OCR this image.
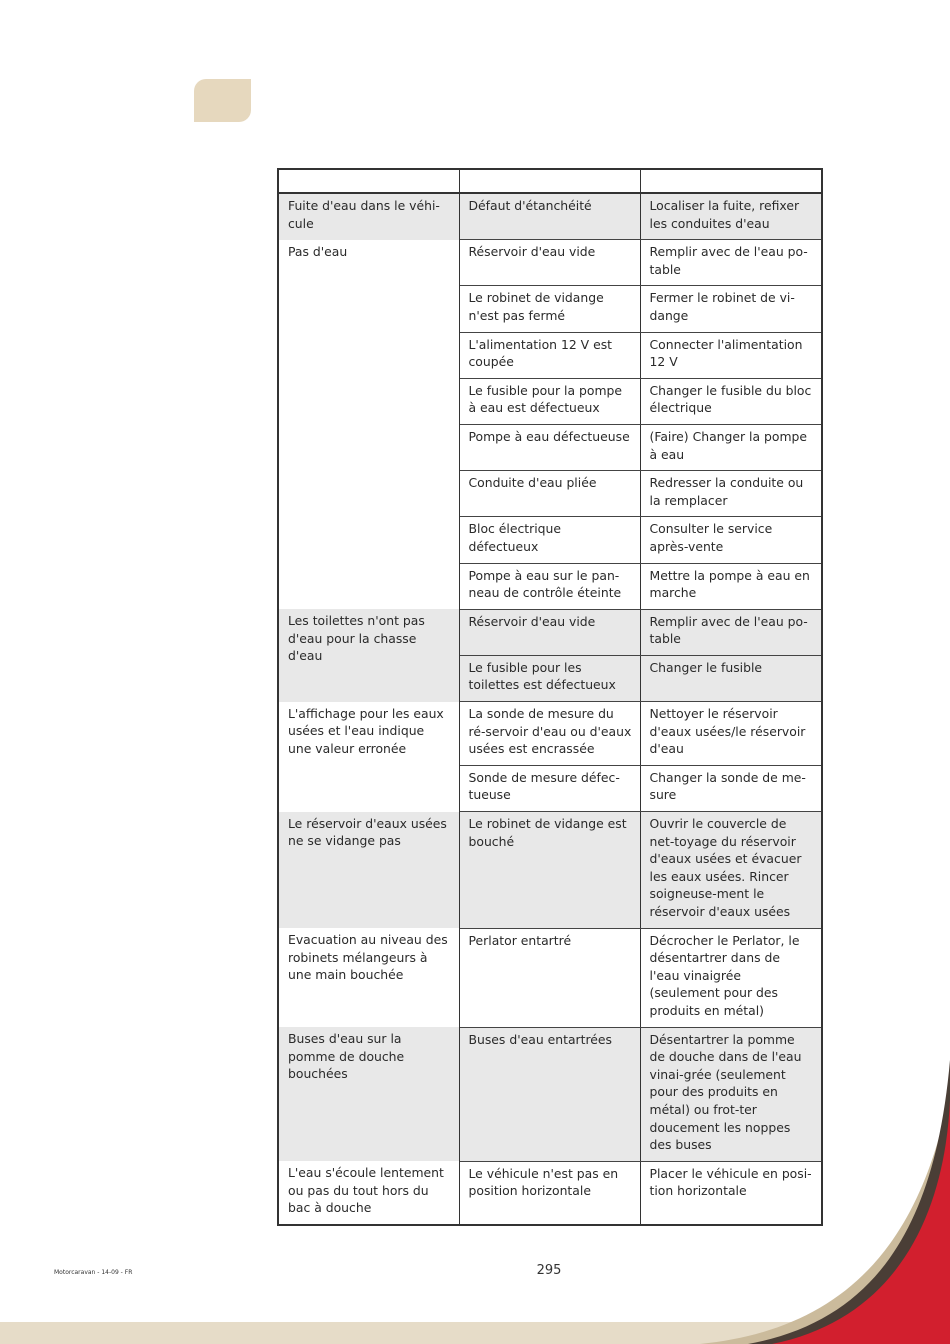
Fuite d'eau dans le véhi-cule	Défaut d'étanchéité	Localiser la fuite, refixer les conduites d'eau
Pas d'eau	Réservoir d'eau vide	Remplir avec de l'eau po-table
	Le robinet de vidange n'est pas fermé	Fermer le robinet de vi-dange
	L'alimentation 12 V est coupée	Connecter l'alimentation 12 V
	Le fusible pour la pompe à eau est défectueux	Changer le fusible du bloc électrique
	Pompe à eau défectueuse	(Faire) Changer la pompe à eau
	Conduite d'eau pliée	Redresser la conduite ou la remplacer
	Bloc électrique défectueux	Consulter le service après-vente
	Pompe à eau sur le pan-neau de contrôle éteinte	Mettre la pompe à eau en marche
Les toilettes n'ont pas d'eau pour la chasse d'eau	Réservoir d'eau vide	Remplir avec de l'eau po-table
	Le fusible pour les toilettes est défectueux	Changer le fusible
L'affichage pour les eaux usées et l'eau indique une valeur erronée	La sonde de mesure du ré-servoir d'eau ou d'eaux usées est encrassée	Nettoyer le réservoir d'eaux usées/le réservoir d'eau
	Sonde de mesure défec-tueuse	Changer la sonde de me-sure
Le réservoir d'eaux usées ne se vidange pas	Le robinet de vidange est bouché	Ouvrir le couvercle de net-toyage du réservoir d'eaux usées et évacuer les eaux usées. Rincer soigneuse-ment le réservoir d'eaux usées
Evacuation au niveau des robinets mélangeurs à une main bouchée	Perlator entartré	Décrocher le Perlator, le désentartrer dans de l'eau vinaigrée (seulement pour des produits en métal)
Buses d'eau sur la pomme de douche bouchées	Buses d'eau entartrées	Désentartrer la pomme de douche dans de l'eau vinai-grée (seulement pour des produits en métal) ou frot-ter doucement les noppes des buses
L'eau s'écoule lentement ou pas du tout hors du bac à douche	Le véhicule n'est pas en position horizontale	Placer le véhicule en posi-tion horizontale
Motorcaravan - 14-09 - FR	295
